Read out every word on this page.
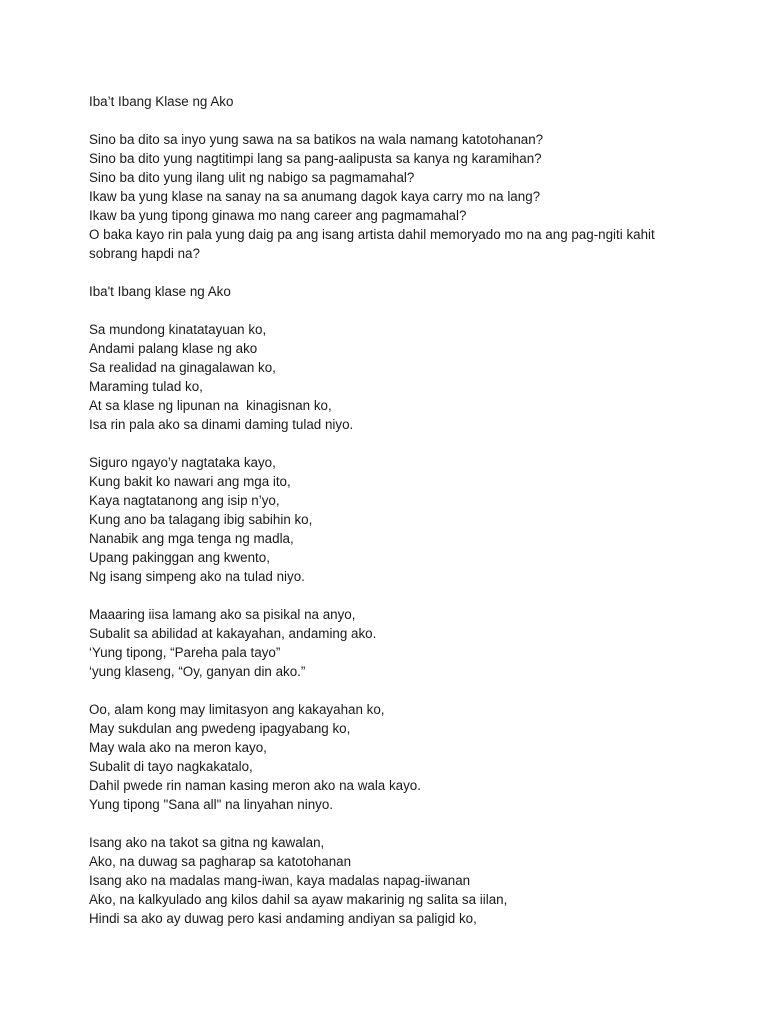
Iba’t Ibang Klase ng Ako
Sino ba dito sa inyo yung sawa na sa batikos na wala namang katotohanan?
Sino ba dito yung nagtitimpi lang sa pang-aalipusta sa kanya ng karamihan?
Sino ba dito yung ilang ulit ng nabigo sa pagmamahal?
Ikaw ba yung klase na sanay na sa anumang dagok kaya carry mo na lang?
Ikaw ba yung tipong ginawa mo nang career ang pagmamahal?
O baka kayo rin pala yung daig pa ang isang artista dahil memoryado mo na ang pag-ngiti kahit
sobrang hapdi na?
Iba't Ibang klase ng Ako
Sa mundong kinatatayuan ko,
Andami palang klase ng ako
Sa realidad na ginagalawan ko,
Maraming tulad ko,
At sa klase ng lipunan na  kinagisnan ko,
Isa rin pala ako sa dinami daming tulad niyo.
Siguro ngayo’y nagtataka kayo,
Kung bakit ko nawari ang mga ito,
Kaya nagtatanong ang isip n’yo,
Kung ano ba talagang ibig sabihin ko,
Nanabik ang mga tenga ng madla,
Upang pakinggan ang kwento,
Ng isang simpeng ako na tulad niyo.
Maaaring iisa lamang ako sa pisikal na anyo,
Subalit sa abilidad at kakayahan, andaming ako.
‘Yung tipong, “Pareha pala tayo”
‘yung klaseng, “Oy, ganyan din ako.”
Oo, alam kong may limitasyon ang kakayahan ko,
May sukdulan ang pwedeng ipagyabang ko,
May wala ako na meron kayo,
Subalit di tayo nagkakatalo,
Dahil pwede rin naman kasing meron ako na wala kayo.
Yung tipong "Sana all" na linyahan ninyo.
Isang ako na takot sa gitna ng kawalan,
Ako, na duwag sa pagharap sa katotohanan
Isang ako na madalas mang-iwan, kaya madalas napag-iiwanan
Ako, na kalkyulado ang kilos dahil sa ayaw makarinig ng salita sa iilan,
Hindi sa ako ay duwag pero kasi andaming andiyan sa paligid ko,
